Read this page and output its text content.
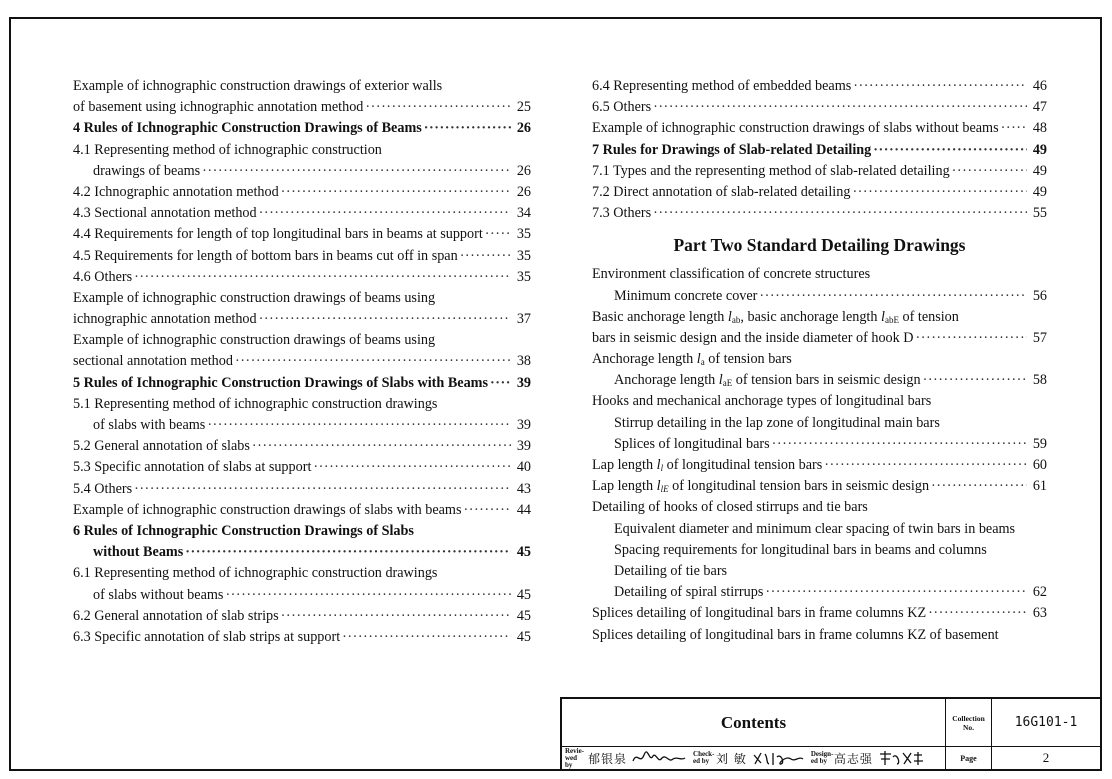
Example of ichnographic construction drawings of exterior walls
of basement using ichnographic annotation method ·····	25
4 Rules of Ichnographic Construction Drawings of Beams ·····	26
4.1 Representing method of ichnographic construction
drawings of beams ·····	26
4.2 Ichnographic annotation method ·····	26
4.3 Sectional annotation method ·····	34
4.4 Requirements for length of top longitudinal bars in beams at support ····· 35
4.5 Requirements for length of bottom bars in beams cut off in span ·····	35
4.6 Others ·····	35
Example of ichnographic construction drawings of beams using
ichnographic annotation method ·····	37
Example of ichnographic construction drawings of beams using
sectional annotation method ·····	38
5 Rules of Ichnographic Construction Drawings of Slabs with Beams ····· 39
5.1 Representing method of ichnographic construction drawings
of slabs with beams ·····	39
5.2 General annotation of slabs ·····	39
5.3 Specific annotation of slabs at support ·····	40
5.4 Others ·····	43
Example of ichnographic construction drawings of slabs with beams ·····	44
6 Rules of Ichnographic Construction Drawings of Slabs
without Beams ·····	45
6.1 Representing method of ichnographic construction drawings
of slabs without beams ·····	45
6.2 General annotation of slab strips ·····	45
6.3 Specific annotation of slab strips at support ·····	45
6.4 Representing method of embedded beams ·····	46
6.5 Others ·····	47
Example of ichnographic construction drawings of slabs without beams ····· 48
7 Rules for Drawings of Slab-related Detailing ·····	49
7.1 Types and the representing method of slab-related detailing ·····	49
7.2 Direct annotation of slab-related detailing ·····	49
7.3 Others ·····	55
Part Two Standard Detailing Drawings
Environment classification of concrete structures
Minimum concrete cover ·····	56
Basic anchorage length $l_{ab}$, basic anchorage length $l_{abE}$ of tension
bars in seismic design and the inside diameter of hook D ·····	57
Anchorage length $l_a$ of tension bars
Anchorage length $l_{aE}$ of tension bars in seismic design ·····	58
Hooks and mechanical anchorage types of longitudinal bars
Stirrup detailing in the lap zone of longitudinal main bars
Splices of longitudinal bars ·····	59
Lap length $l_l$ of longitudinal tension bars ·····	60
Lap length $l_{lE}$ of longitudinal tension bars in seismic design ·····	61
Detailing of hooks of closed stirrups and tie bars
Equivalent diameter and minimum clear spacing of twin bars in beams
Spacing requirements for longitudinal bars in beams and columns
Detailing of tie bars
Detailing of spiral stirrups ·····	62
Splices detailing of longitudinal bars in frame columns KZ ·····	63
Splices detailing of longitudinal bars in frame columns KZ of basement
Contents	Collection
No.	16G101-1
Revie-
wed by	郁银泉	Check-
ed by 刘 敏	Design-
ed by 高志强	Page	2
